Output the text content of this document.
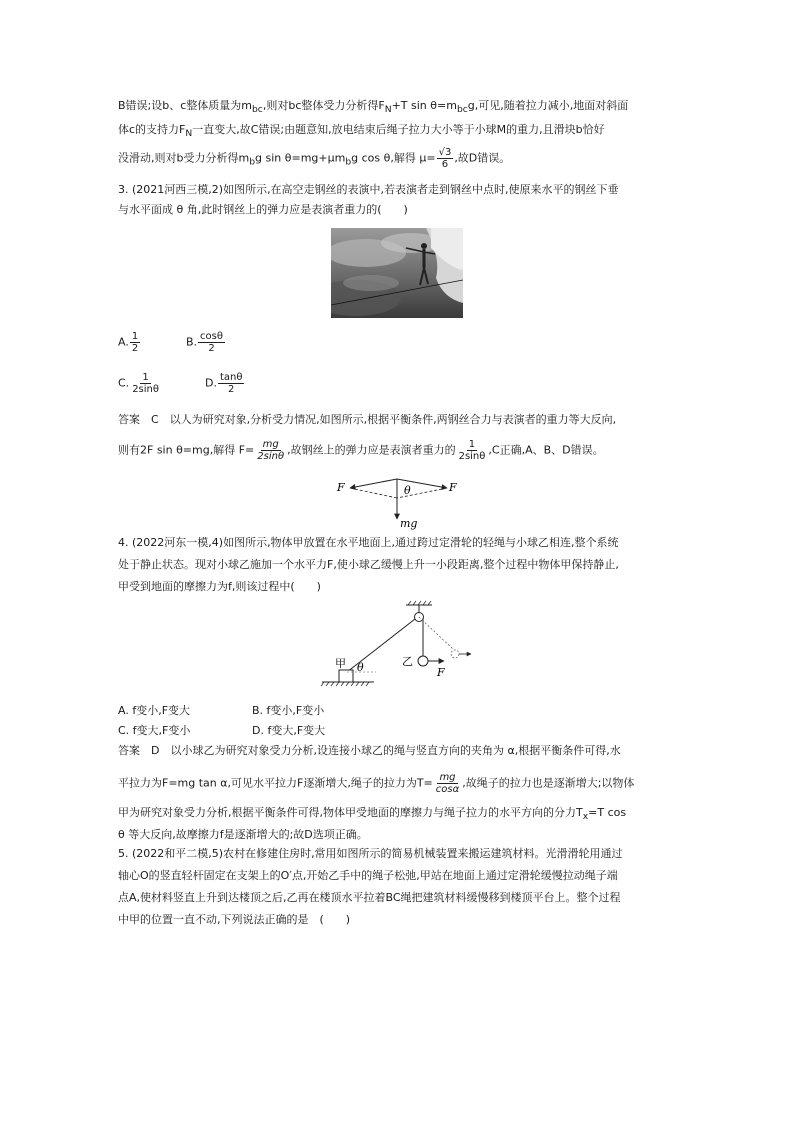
B错误;设b、c整体质量为$m_{bc}$,则对bc整体受力分析得$F_N+T$ $\sin \theta=m_{bc}g$,可见,随着拉力减小,地面对斜面
体c的支持力$F_N$一直变大,故C错误;由题意知,放电结束后绳子拉力大小等于小球M的重力,且滑块b恰好
没滑动,则对b受力分析得$m_bg$ $\sin \theta=mg+\mu m_bg$ cos θ,解得 $\mu= \frac{√3}{6}$ ,故D错误。
3. (2021河西三模,2)如图所示,在高空走钢丝的表演中,若表演者走到钢丝中点时,使原来水平的钢丝下垂
与水平面成 θ 角,此时钢丝上的弹力应是表演者重力的(　　)
A. $\frac{1}{2}$	B. $\frac{\cos\theta}{2}$
C. $\frac{1}{2\sin\theta}$	D. $\frac{\tan\theta}{2}$
答案　C　以人为研究对象,分析受力情况,如图所示,根据平衡条件,两钢丝合力与表演者的重力等大反向,
则有2F sin θ=mg,解得 $F= \frac{mg}{2\sin\theta}$ ,故钢丝上的弹力应是表演者重力的 $\frac{1}{2\sin\theta} ,C$正确,A、B、D错误。
F	F
θ
mg
4. (2022河东一模,4)如图所示,物体甲放置在水平地面上,通过跨过定滑轮的轻绳与小球乙相连,整个系统
处于静止状态。现对小球乙施加一个水平力F,使小球乙缓慢上升一小段距离,整个过程中物体甲保持静止,
甲受到地面的摩擦力为f,则该过程中(　　)
甲 θ	乙
F
A. f变小,F变大	B. f变小,F变小
C. f变大,F变小	D. f变大,F变大
答案　D　以小球乙为研究对象受力分析,设连接小球乙的绳与竖直方向的夹角为 α,根据平衡条件可得,水
平拉力为F=mg tan α,可见水平拉力F逐渐增大,绳子的拉力为$T= \frac{mg}{\cos\alpha}$ ,故绳子的拉力也是逐渐增大;以物体
甲为研究对象受力分析,根据平衡条件可得,物体甲受地面的摩擦力与绳子拉力的水平方向的分力$T_x=T$ cos
θ 等大反向,故摩擦力f是逐渐增大的;故D选项正确。
5. (2022和平二模,5)农村在修建住房时,常用如图所示的简易机械装置来搬运建筑材料。光滑滑轮用通过
轴心O的竖直轻杆固定在支架上的O′点,开始乙手中的绳子松弛,甲站在地面上通过定滑轮缓慢拉动绳子端
点A,使材料竖直上升到达楼顶之后,乙再在楼顶水平拉着BC绳把建筑材料缓慢移到楼顶平台上。整个过程
中甲的位置一直不动,下列说法正确的是　(　　)
